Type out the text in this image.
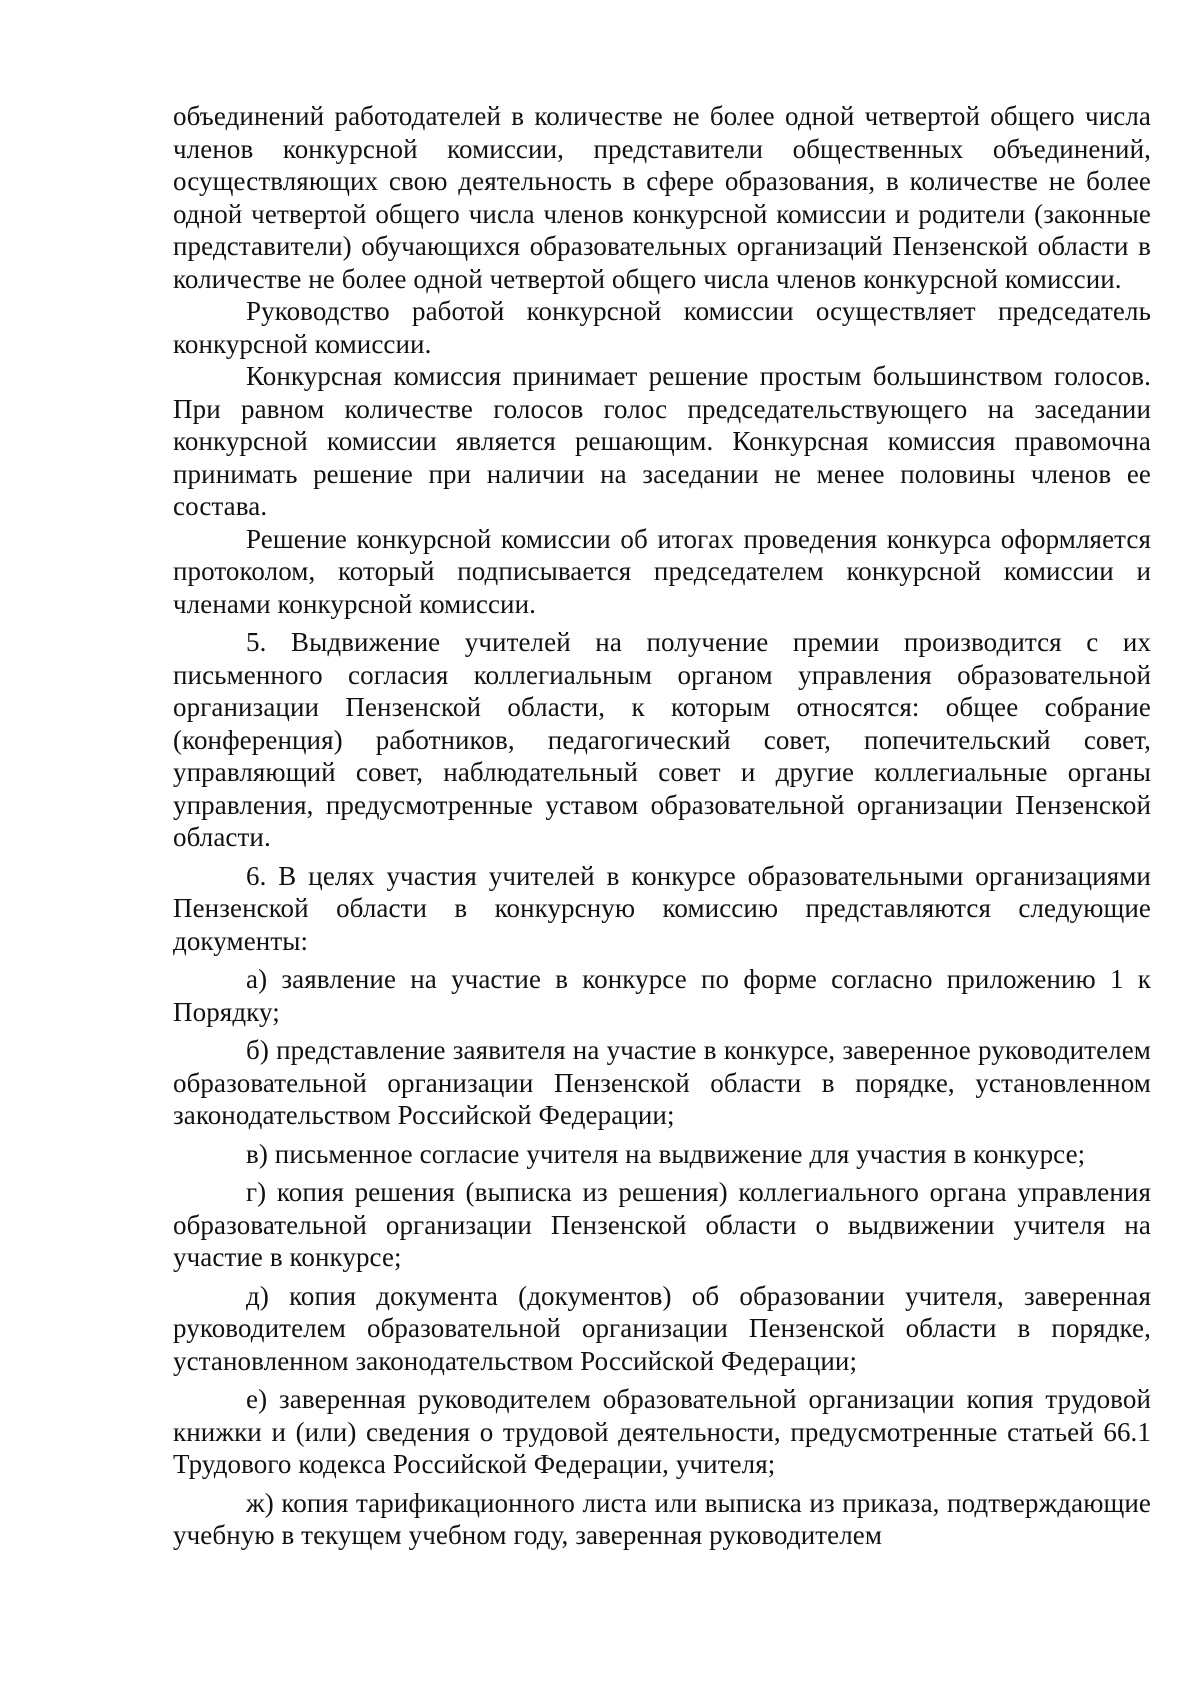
объединений работодателей в количестве не более одной четвертой общего числа членов конкурсной комиссии, представители общественных объединений, осуществляющих свою деятельность в сфере образования, в количестве не более одной четвертой общего числа членов конкурсной комиссии и родители (законные представители) обучающихся образовательных организаций Пензенской области в количестве не более одной четвертой общего числа членов конкурсной комиссии.

Руководство работой конкурсной комиссии осуществляет председатель конкурсной комиссии.

Конкурсная комиссия принимает решение простым большинством голосов. При равном количестве голосов голос председательствующего на заседании конкурсной комиссии является решающим. Конкурсная комиссия правомочна принимать решение при наличии на заседании не менее половины членов ее состава.

Решение конкурсной комиссии об итогах проведения конкурса оформляется протоколом, который подписывается председателем конкурсной комиссии и членами конкурсной комиссии.

5. Выдвижение учителей на получение премии производится с их письменного согласия коллегиальным органом управления образовательной организации Пензенской области, к которым относятся: общее собрание (конференция) работников, педагогический совет, попечительский совет, управляющий совет, наблюдательный совет и другие коллегиальные органы управления, предусмотренные уставом образовательной организации Пензенской области.

6. В целях участия учителей в конкурсе образовательными организациями Пензенской области в конкурсную комиссию представляются следующие документы:

а) заявление на участие в конкурсе по форме согласно приложению 1 к Порядку;

б) представление заявителя на участие в конкурсе, заверенное руководителем образовательной организации Пензенской области в порядке, установленном законодательством Российской Федерации;

в) письменное согласие учителя на выдвижение для участия в конкурсе;

г) копия решения (выписка из решения) коллегиального органа управления образовательной организации Пензенской области о выдвижении учителя на участие в конкурсе;

д) копия документа (документов) об образовании учителя, заверенная руководителем образовательной организации Пензенской области в порядке, установленном законодательством Российской Федерации;

е) заверенная руководителем образовательной организации копия трудовой книжки и (или) сведения о трудовой деятельности, предусмотренные статьей 66.1 Трудового кодекса Российской Федерации, учителя;

ж) копия тарификационного листа или выписка из приказа, подтверждающие учебную в текущем учебном году, заверенная руководителем
